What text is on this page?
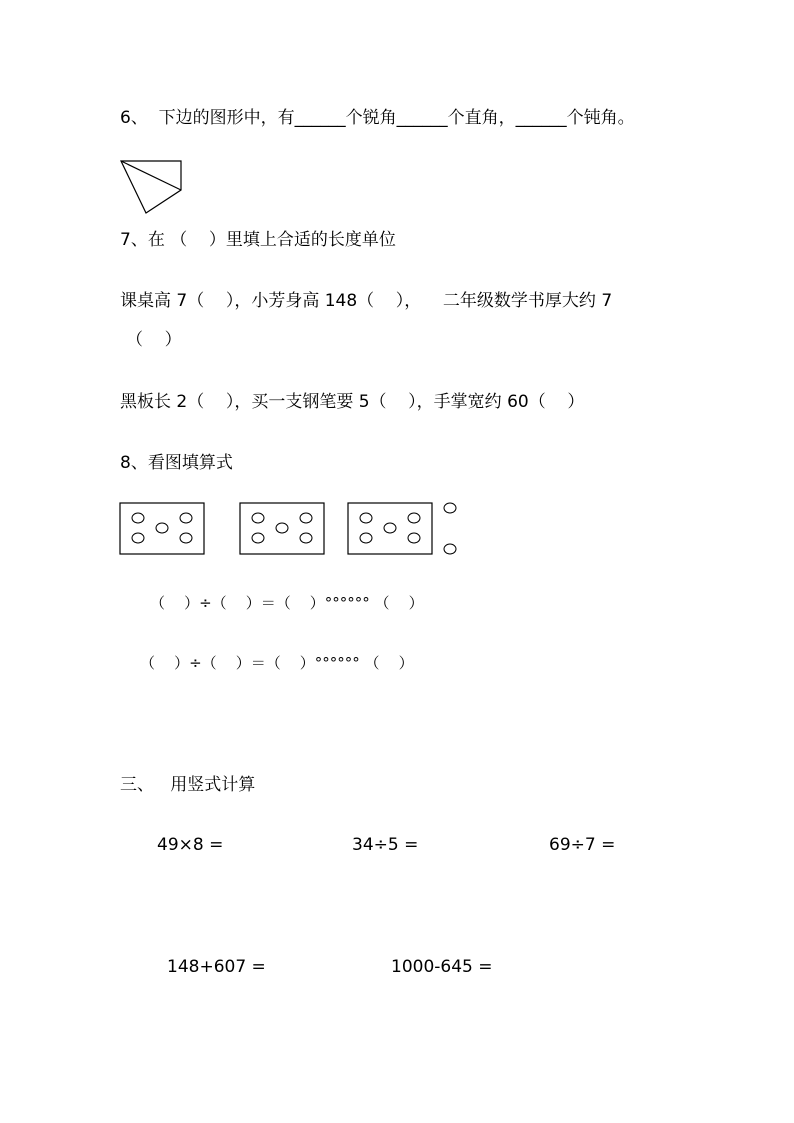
6、  下边的图形中，有______个锐角______个直角，______个钝角。
7、在 （    ）里填上合适的长度单位
课桌高 7（    ），小芳身高 148（    ），    二年级数学书厚大约 7
（    ）
黑板长 2（    ），买一支钢笔要 5（    ），手掌宽约 60（    ）
8、看图填算式
（    ）÷（    ）＝（    ）°°°°°° （    ）
（    ）÷（    ）＝（    ）°°°°°° （    ）
三、   用竖式计算
49×8 =	34÷5 =	69÷7 =
148+607 =	1000-645 =
